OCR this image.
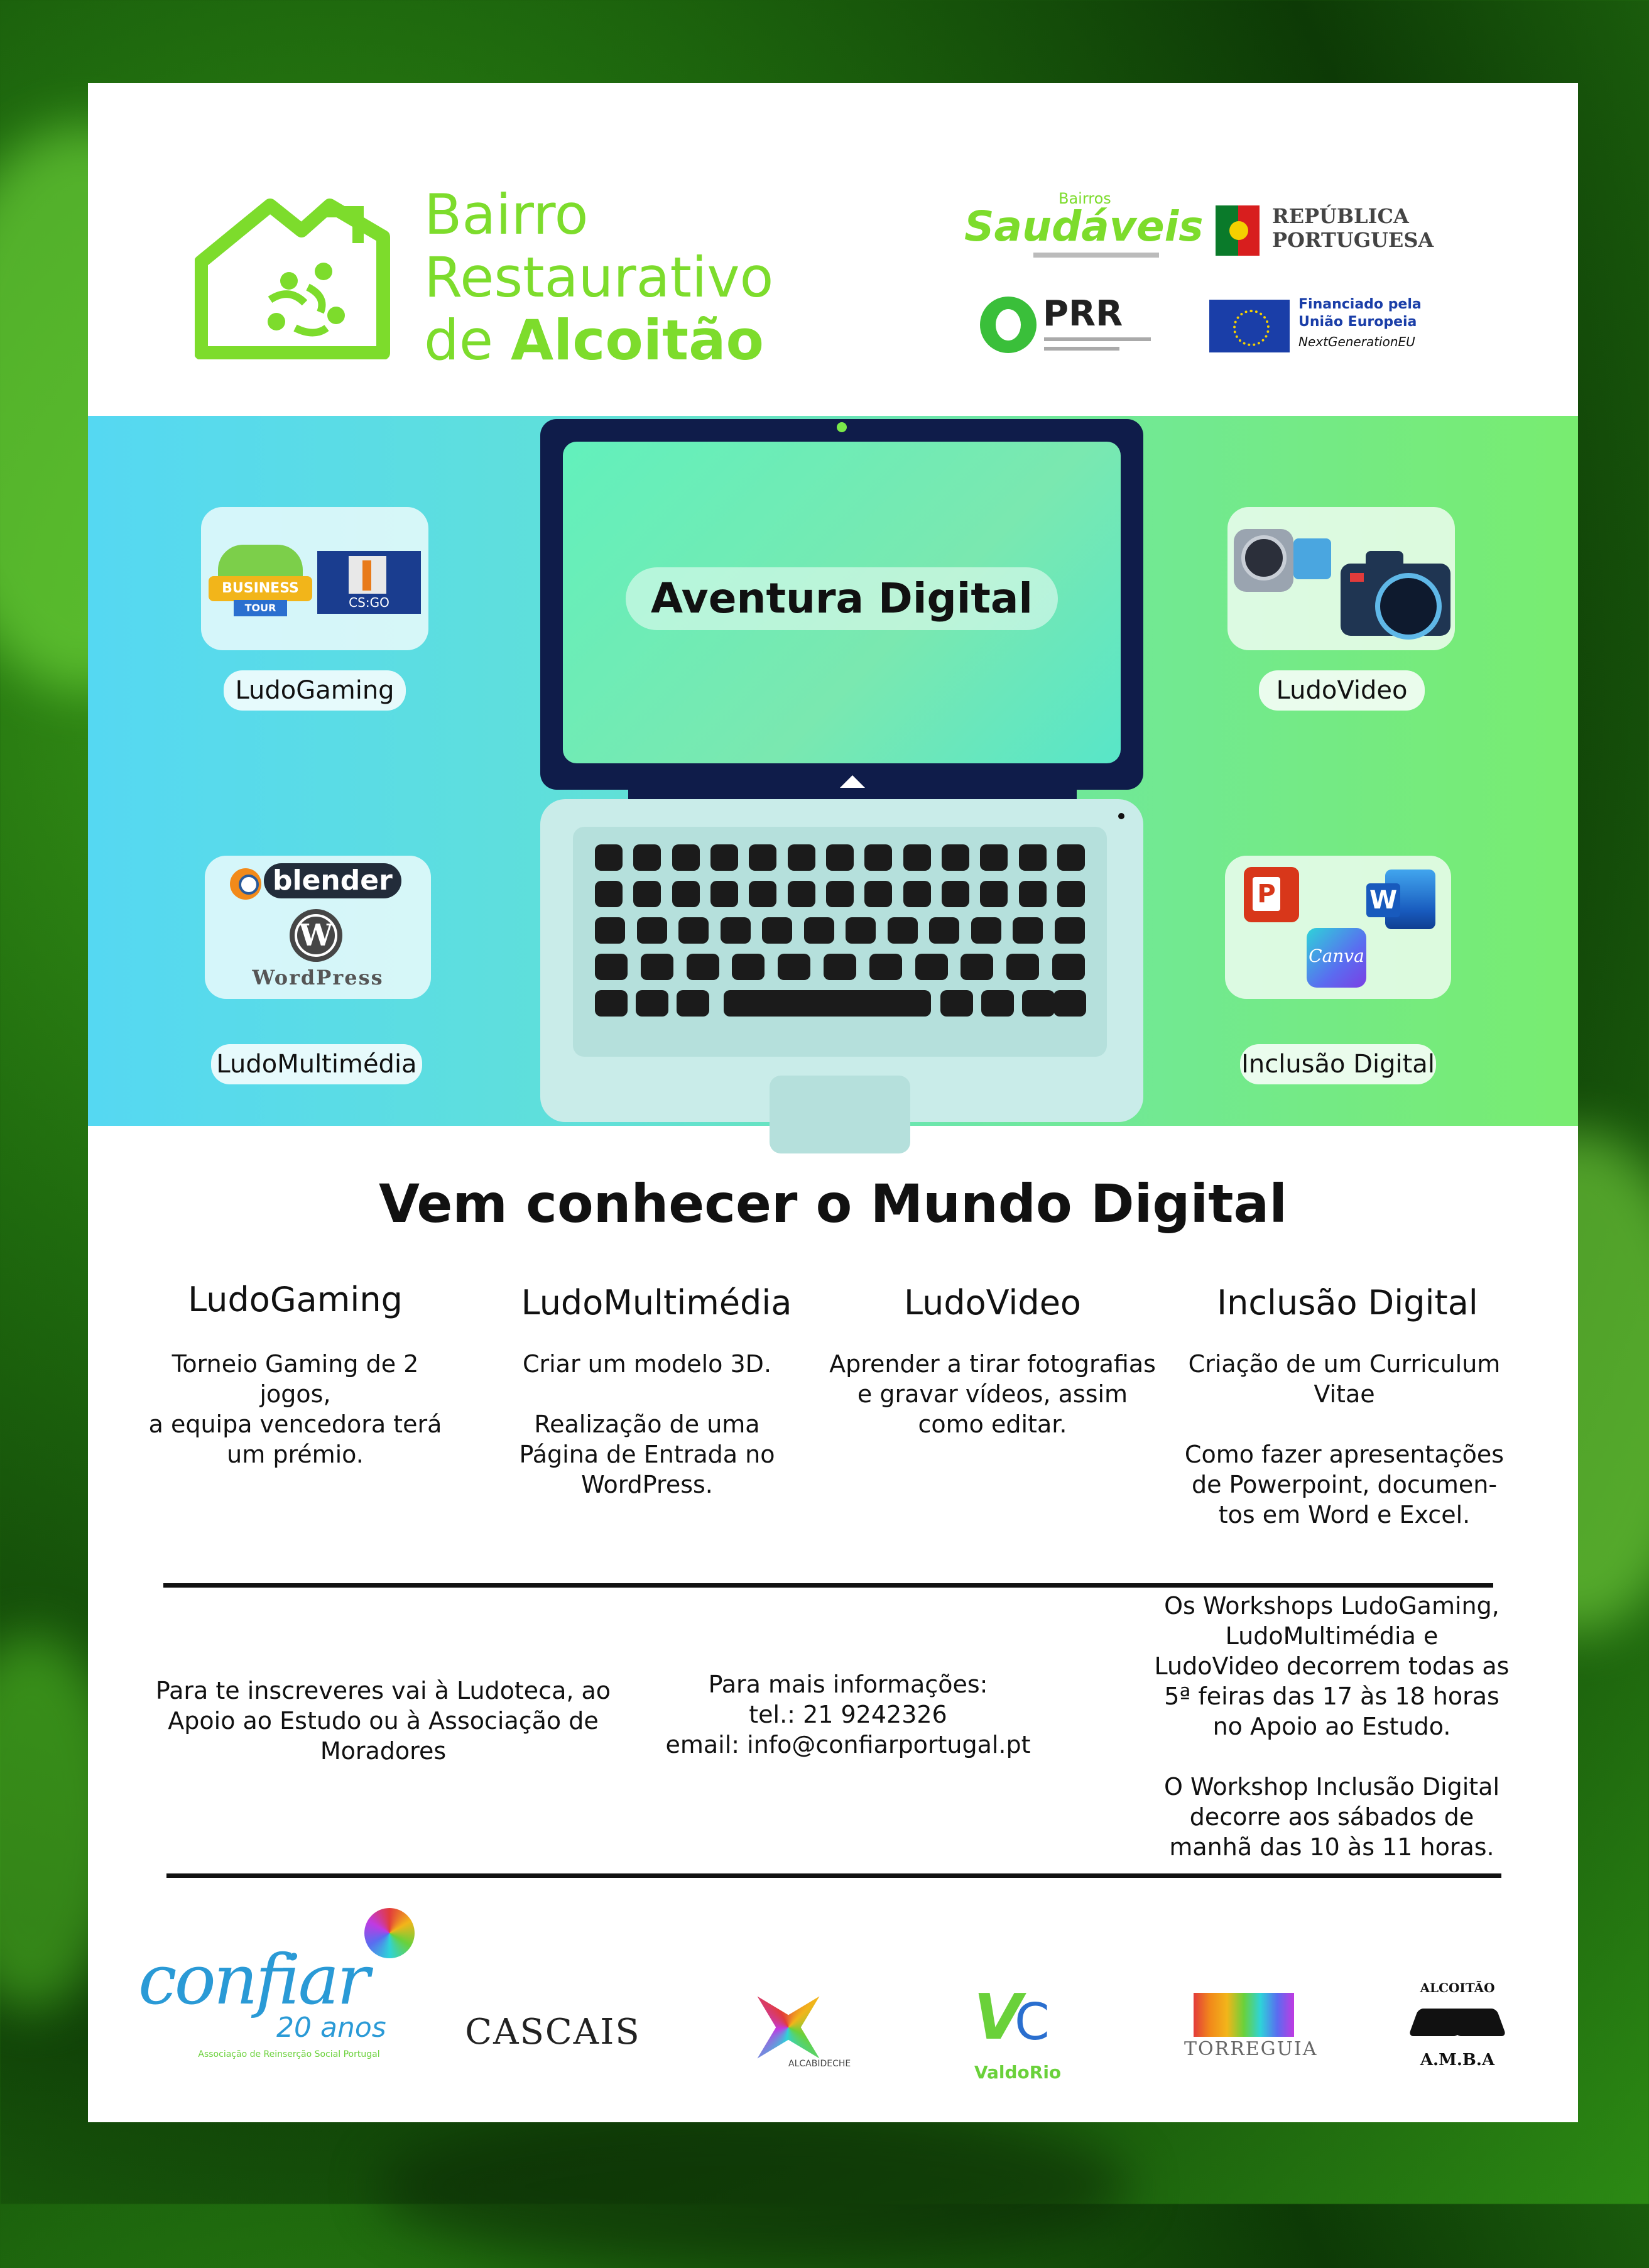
Bairro
Restaurativo
de Alcoitão
Bairros
Saudáveis	REPÚBLICA
PORTUGUESA
PRR	Financiado pela
União Europeia
NextGenerationEU
Aventura Digital
BUSINESS
TOUR	CS:GO
LudoGaming	LudoVideo
blender
W
WordPress
LudoMultimédia
P	W
Canva
Inclusão Digital
Vem conhecer o Mundo Digital
LudoGaming
Torneio Gaming de 2 jogos,
a equipa vencedora terá
um prémio.
LudoMultimédia
Criar um modelo 3D.

Realização de uma
Página de Entrada no
WordPress.
LudoVideo
Aprender a tirar fotografias
e gravar vídeos, assim
como editar.
Inclusão Digital
Criação de um Curriculum
Vitae

Como fazer apresentações
de Powerpoint, documen-
tos em Word e Excel.
Para te inscreveres vai à Ludoteca, ao
Apoio ao Estudo ou à Associação de
Moradores
Para mais informações:
tel.: 21 9242326
email: info@confiarportugal.pt
Os Workshops LudoGaming,
LudoMultimédia e
LudoVideo decorrem todas as
5ª feiras das 17 às 18 horas
no Apoio ao Estudo.

O Workshop Inclusão Digital
decorre aos sábados de
manhã das 10 às 11 horas.
confiar
20 anos
Associação de Reinserção Social Portugal
CASCAIS
ALCABIDECHE
V
C
ValdoRio
TORREGUIA
ALCOITÃO
A.M.B.A
